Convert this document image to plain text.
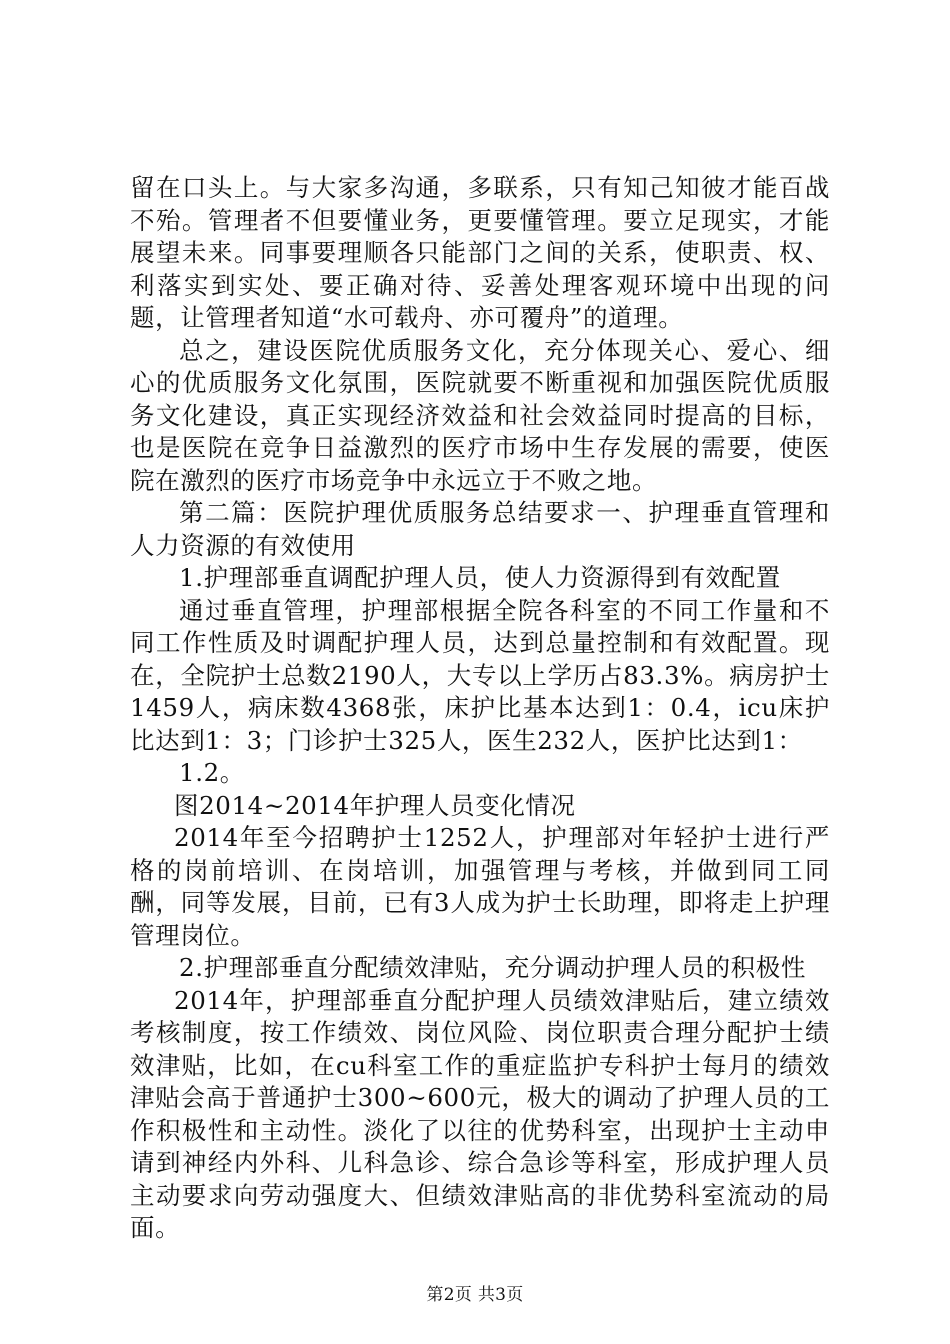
留在口头上。与大家多沟通，多联系，只有知己知彼才能百战不殆。管理者不但要懂业务，更要懂管理。要立足现实，才能展望未来。同事要理顺各只能部门之间的关系，使职责、权、利落实到实处、要正确对待、妥善处理客观环境中出现的问题，让管理者知道“水可载舟、亦可覆舟”的道理。

总之，建设医院优质服务文化，充分体现关心、爱心、细心的优质服务文化氛围，医院就要不断重视和加强医院优质服务文化建设，真正实现经济效益和社会效益同时提高的目标，也是医院在竞争日益激烈的医疗市场中生存发展的需要，使医院在激烈的医疗市场竞争中永远立于不败之地。

第二篇：医院护理优质服务总结要求一、护理垂直管理和人力资源的有效使用

1.护理部垂直调配护理人员，使人力资源得到有效配置

通过垂直管理，护理部根据全院各科室的不同工作量和不同工作性质及时调配护理人员，达到总量控制和有效配置。现在，全院护士总数2190人，大专以上学历占83.3%。病房护士1459人，病床数4368张，床护比基本达到1：0.4，icu床护比达到1：3；门诊护士325人，医生232人，医护比达到1：

1.2。

图2014~2014年护理人员变化情况

2014年至今招聘护士1252人，护理部对年轻护士进行严格的岗前培训、在岗培训，加强管理与考核，并做到同工同酬，同等发展，目前，已有3人成为护士长助理，即将走上护理管理岗位。

2.护理部垂直分配绩效津贴，充分调动护理人员的积极性

2014年，护理部垂直分配护理人员绩效津贴后，建立绩效考核制度，按工作绩效、岗位风险、岗位职责合理分配护士绩效津贴，比如，在cu科室工作的重症监护专科护士每月的绩效津贴会高于普通护士300~600元，极大的调动了护理人员的工作积极性和主动性。淡化了以往的优势科室，出现护士主动申请到神经内外科、儿科急诊、综合急诊等科室，形成护理人员主动要求向劳动强度大、但绩效津贴高的非优势科室流动的局面。

第2页 共3页
